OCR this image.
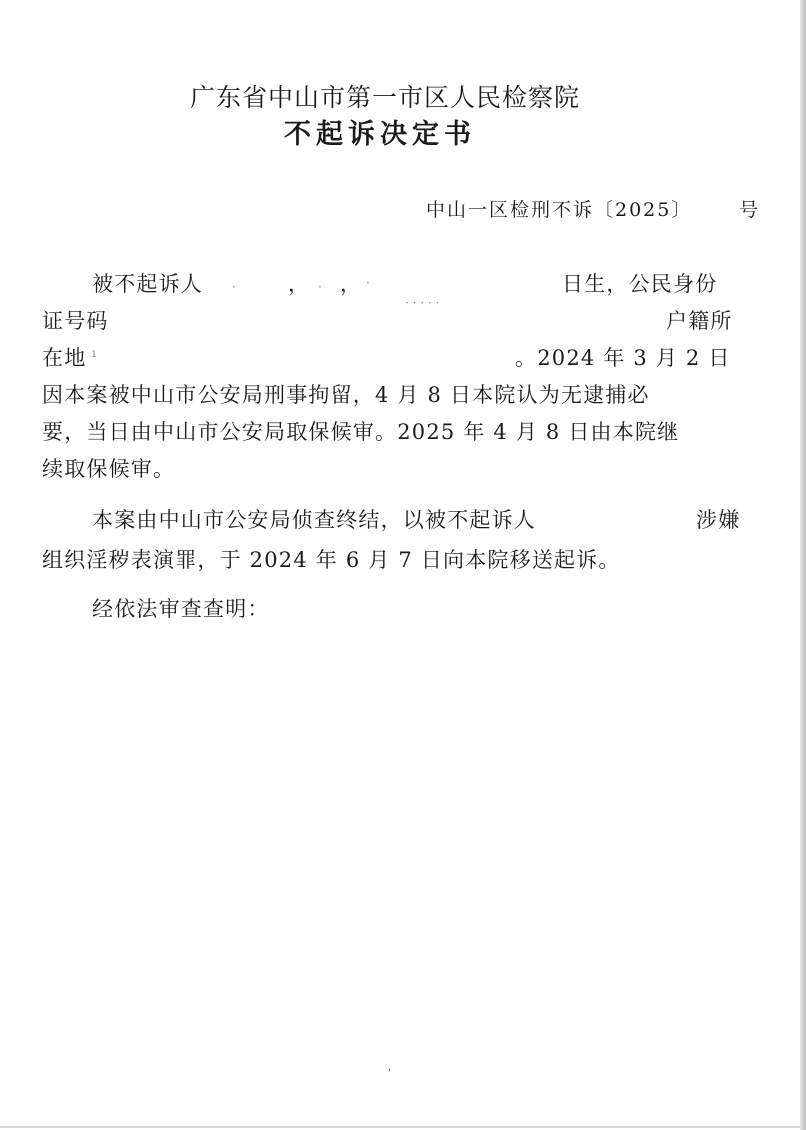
广东省中山市第一市区人民检察院
不起诉决定书
中山一区检刑不诉〔2025〕 号
被不起诉人	， ，	日生，公民身份
证号码	户籍所
在地	。2024 年 3 月 2 日
因本案被中山市公安局刑事拘留，4 月 8 日本院认为无逮捕必
要，当日由中山市公安局取保候审。2025 年 4 月 8 日由本院继
续取保候审。
本案由中山市公安局侦查终结，以被不起诉人	涉嫌
组织淫秽表演罪，于 2024 年 6 月 7 日向本院移送起诉。
经依法审查查明：
·	·	·
· · · · ·
ı
'
